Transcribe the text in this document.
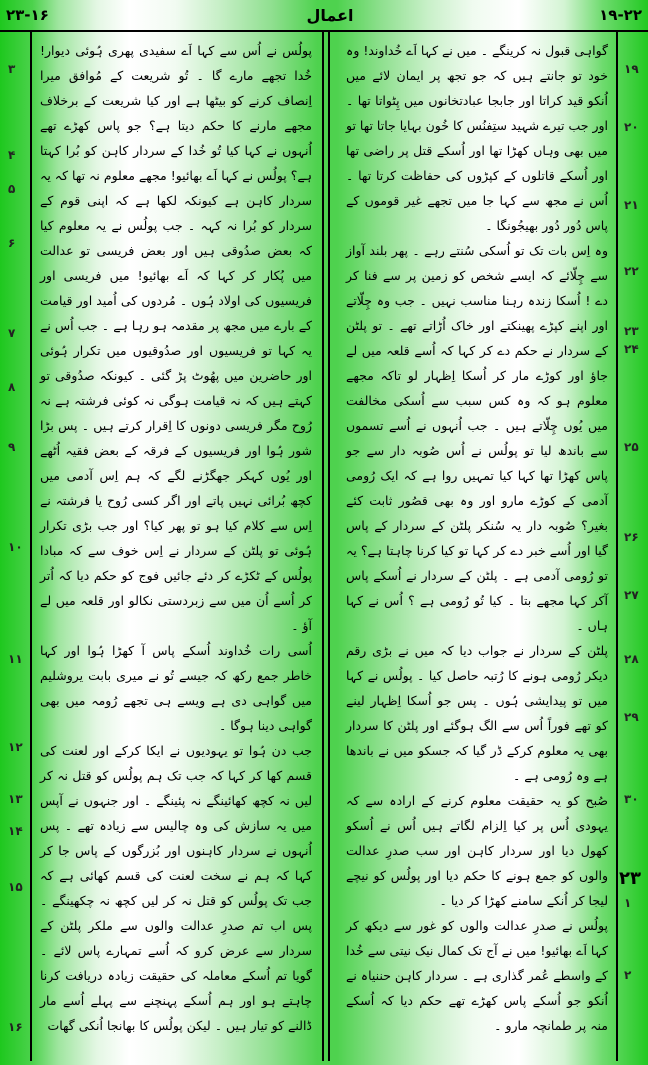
۲۳-۱۶	اعمال	۱۹-۲۲
۱۹
۲۰
۲۱
۲۲
۲۳
۲۴
۲۵
۲۶
۲۷
۲۸
۲۹
۳۰
۲۳
۱
۲
۳
۴
۵
۶
۷
۸
۹
۱۰
۱۱
۱۲
۱۳
۱۴
۱۵
۱۶

گواہی قبول نہ کرینگے ۔ میں نے کہا اَے خُداوند! وہ خود تو جانتے ہیں کہ جو تجھ پر ایمان لائے میں اُنکو قید کراتا اور جابجا عبادتخانوں میں پِٹواتا تھا ۔ اور جب تیرے شہید ستِفنُس کا خُون بہایا جاتا تھا تو میں بھی وہاں کھڑا تھا اور اُسکے قتل پر راضی تھا اور اُسکے قاتلوں کے کپڑوں کی حفاظت کرتا تھا ۔ اُس نے مجھ سے کہا جا میں تجھے غیر قوموں کے پاس دُور دُور بھیجُونگا ۔

وہ اِس بات تک تو اُسکی سُنتے رہے ۔ پھر بلند آواز سے چِلّائے کہ ایسے شخص کو زمین پر سے فنا کر دے ! اُسکا زندہ رہنا مناسب نہیں ۔ جب وہ چِلّاتے اور اپنے کپڑے پھینکتے اور خاک اُڑاتے تھے ۔ تو پلٹن کے سردار نے حکم دے کر کہا کہ اُسے قلعہ میں لے جاؤ اور کوڑے مار کر اُسکا اِظہار لو تاکہ مجھے معلوم ہو کہ وہ کس سبب سے اُسکی مخالفت میں یُوں چِلّاتے ہیں ۔ جب اُنہوں نے اُسے تسموں سے باندھ لیا تو پولُس نے اُس صُوبہ دار سے جو پاس کھڑا تھا کہا کیا تمہیں روا ہے کہ ایک رُومی آدمی کے کوڑے مارو اور وہ بھی قصُور ثابت کئے بغیر؟ صُوبہ دار یہ سُنکر پلٹن کے سردار کے پاس گیا اور اُسے خبر دے کر کہا تو کیا کرنا چاہتا ہے؟ یہ تو رُومی آدمی ہے ۔ پلٹن کے سردار نے اُسکے پاس آکر کہا مجھے بتا ۔ کیا تُو رُومی ہے ؟ اُس نے کہا ہاں ۔

پلٹن کے سردار نے جواب دیا کہ میں نے بڑی رقم دیکر رُومی ہونے کا رُتبہ حاصل کیا ۔ پولُس نے کہا میں تو پیدایشی ہُوں ۔ پس جو اُسکا اِظہار لینے کو تھے فوراً اُس سے الگ ہوگئے اور پلٹن کا سردار بھی یہ معلوم کرکے ڈر گیا کہ جسکو میں نے باندھا ہے وہ رُومی ہے ۔

صُبح کو یہ حقیقت معلوم کرنے کے ارادہ سے کہ یہودی اُس پر کیا اِلزام لگاتے ہیں اُس نے اُسکو کھول دیا اور سردار کاہن اور سب صدرِ عدالت والوں کو جمع ہونے کا حکم دیا اور پولُس کو نیچے لیجا کر اُنکے سامنے کھڑا کر دیا ۔

پولُس نے صدرِ عدالت والوں کو غور سے دیکھ کر کہا اَے بھائیو! میں نے آج تک کمال نیک نیتی سے خُدا کے واسطے عُمر گذاری ہے ۔ سردار کاہن حننیاہ نے اُنکو جو اُسکے پاس کھڑے تھے حکم دیا کہ اُسکے منہ پر طمانچہ مارو ۔

پولُس نے اُس سے کہا اَے سفیدی پھری ہُوئی دیوار! خُدا تجھے مارے گا ۔ تُو شریعت کے مُوافق میرا اِنصاف کرنے کو بیٹھا ہے اور کیا شریعت کے برخلاف مجھے مارنے کا حکم دیتا ہے؟ جو پاس کھڑے تھے اُنہوں نے کہا کیا تُو خُدا کے سردار کاہن کو بُرا کہتا ہے؟ پولُس نے کہا اَے بھائیو! مجھے معلوم نہ تھا کہ یہ سردار کاہن ہے کیونکہ لکھا ہے کہ اپنی قوم کے سردار کو بُرا نہ کہہ ۔ جب پولُس نے یہ معلوم کیا کہ بعض صدُوقی ہیں اور بعض فریسی تو عدالت میں پُکار کر کہا کہ اَے بھائیو! میں فریسی اور فریسیوں کی اولاد ہُوں ۔ مُردوں کی اُمید اور قیامت کے بارے میں مجھ پر مقدمہ ہو رہا ہے ۔ جب اُس نے یہ کہا تو فریسیوں اور صدُوقیوں میں تکرار ہُوئی اور حاضرین میں پھُوٹ پڑ گئی ۔ کیونکہ صدُوقی تو کہتے ہیں کہ نہ قیامت ہوگی نہ کوئی فرشتہ ہے نہ رُوح مگر فریسی دونوں کا اِقرار کرتے ہیں ۔ پس بڑا شور ہُوا اور فریسیوں کے فرقہ کے بعض فقیہ اُٹھے اور یُوں کہکر جھگڑنے لگے کہ ہم اِس آدمی میں کچھ بُرائی نہیں پاتے اور اگر کسی رُوح یا فرشتہ نے اِس سے کلام کیا ہو تو پھر کیا؟ اور جب بڑی تکرار ہُوئی تو پلٹن کے سردار نے اِس خوف سے کہ مبادا پولُس کے ٹکڑے کر دئے جائیں فوج کو حکم دیا کہ اُتر کر اُسے اُن میں سے زبردستی نکالو اور قلعہ میں لے آؤ ۔

اُسی رات خُداوند اُسکے پاس آ کھڑا ہُوا اور کہا خاطر جمع رکھ کہ جیسے تُو نے میری بابت یروشلیم میں گواہی دی ہے ویسے ہی تجھے رُومہ میں بھی گواہی دینا ہوگا ۔

جب دن ہُوا تو یہودیوں نے ایکا کرکے اور لعنت کی قسم کھا کر کہا کہ جب تک ہم پولُس کو قتل نہ کر لیں نہ کچھ کھائینگے نہ پئینگے ۔ اور جنہوں نے آپس میں یہ سازش کی وہ چالیس سے زیادہ تھے ۔ پس اُنہوں نے سردار کاہنوں اور بُزرگوں کے پاس جا کر کہا کہ ہم نے سخت لعنت کی قسم کھائی ہے کہ جب تک پولُس کو قتل نہ کر لیں کچھ نہ چکھینگے ۔ پس اب تم صدرِ عدالت والوں سے ملکر پلٹن کے سردار سے عرض کرو کہ اُسے تمہارے پاس لائے ۔ گویا تم اُسکے معاملہ کی حقیقت زیادہ دریافت کرنا چاہتے ہو اور ہم اُسکے پہنچنے سے پہلے اُسے مار ڈالنے کو تیار ہیں ۔ لیکن پولُس کا بھانجا اُنکی گھات
